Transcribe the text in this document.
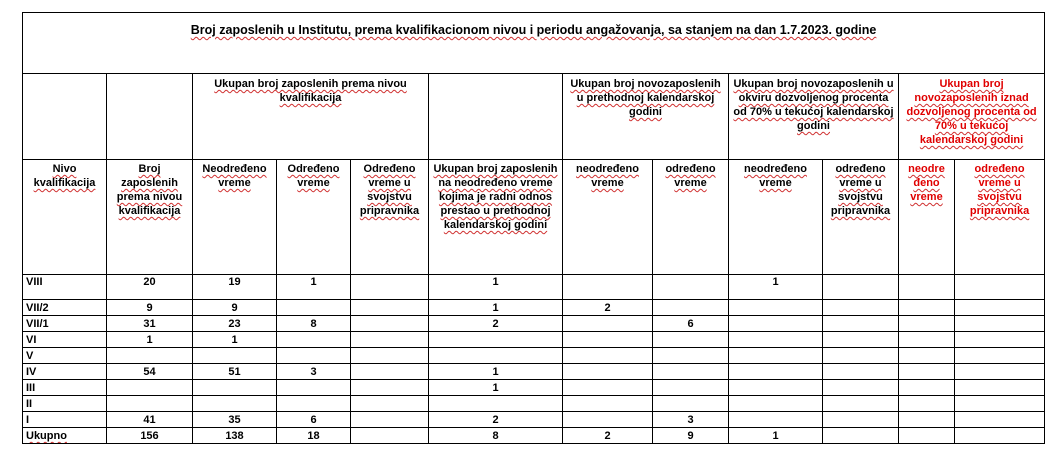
Broj zaposlenih u Institutu, prema kvalifikacionom nivou i periodu angažovanja, sa stanjem na dan 1.7.2023. godine											
		Ukupan broj zaposlenih prema nivou kvalifikacija				Ukupan broj novozaposlenih u prethodnoj kalendarskoj godini		Ukupan broj novozaposlenih u okviru dozvoljenog procenta od 70% u tekućoj kalendarskoj godini		Ukupan broj novozaposlenih iznad dozvoljenog procenta od 70% u tekućoj kalendarskoj godini	
Nivo kvalifikacija	Broj zaposlenih prema nivou kvalifikacija	Neodređeno vreme	Određeno vreme	Određeno vreme u svojstvu pripravnika	Ukupan broj zaposlenih na neodređeno vreme kojima je radni odnos prestao u prethodnoj kalendarskoj godini	neodređeno vreme	određeno vreme	neodređeno vreme	određeno vreme u svojstvu pripravnika	neodre đeno vreme	određeno vreme u svojstvu pripravnika
VIII	20	19	1		1			1			
VII/2	9	9			1	2					
VII/1	31	23	8		2		6				
VI	1	1									
V											
IV	54	51	3		1						
III					1						
II											
I	41	35	6		2		3				
Ukupno	156	138	18		8	2	9	1			
